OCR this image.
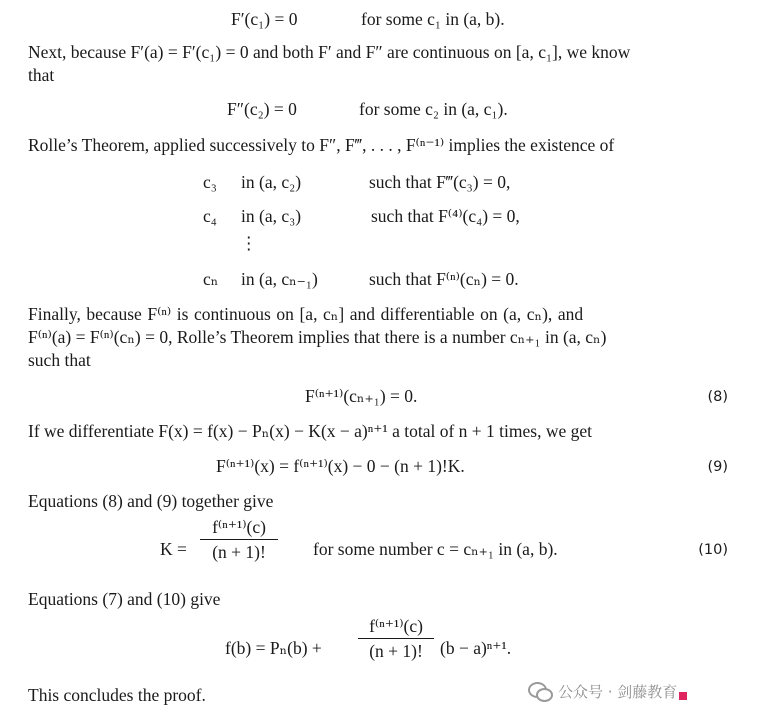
F′(c₁) = 0	for some c₁ in (a, b).
Next, because F′(a) = F′(c₁) = 0 and both F′ and F″ are continuous on [a, c₁], we know
that
F″(c₂) = 0	for some c₂ in (a, c₁).
Rolle’s Theorem, applied successively to F″, F‴, . . . , F⁽ⁿ⁻¹⁾ implies the existence of
c₃ in (a, c₂)	such that F‴(c₃) = 0,
c₄ in (a, c₃)	such that F⁽⁴⁾(c₄) = 0,
⋮
cₙ in (a, cₙ₋₁)	such that F⁽ⁿ⁾(cₙ) = 0.
Finally, because F⁽ⁿ⁾ is continuous on [a, cₙ] and differentiable on (a, cₙ), and
F⁽ⁿ⁾(a) = F⁽ⁿ⁾(cₙ) = 0, Rolle’s Theorem implies that there is a number cₙ₊₁ in (a, cₙ)
such that
F⁽ⁿ⁺¹⁾(cₙ₊₁) = 0.	(8)
If we differentiate F(x) = f(x) − Pₙ(x) − K(x − a)ⁿ⁺¹ a total of n + 1 times, we get
F⁽ⁿ⁺¹⁾(x) = f⁽ⁿ⁺¹⁾(x) − 0 − (n + 1)!K.	(9)
Equations (8) and (9) together give
K =
f⁽ⁿ⁺¹⁾(c)
(n + 1)!	for some number c = cₙ₊₁ in (a, b).	(10)
Equations (7) and (10) give
f(b) = Pₙ(b) +
f⁽ⁿ⁺¹⁾(c)
(n + 1)! (b − a)ⁿ⁺¹.
This concludes the proof.	公众号 · 剑藤教育
